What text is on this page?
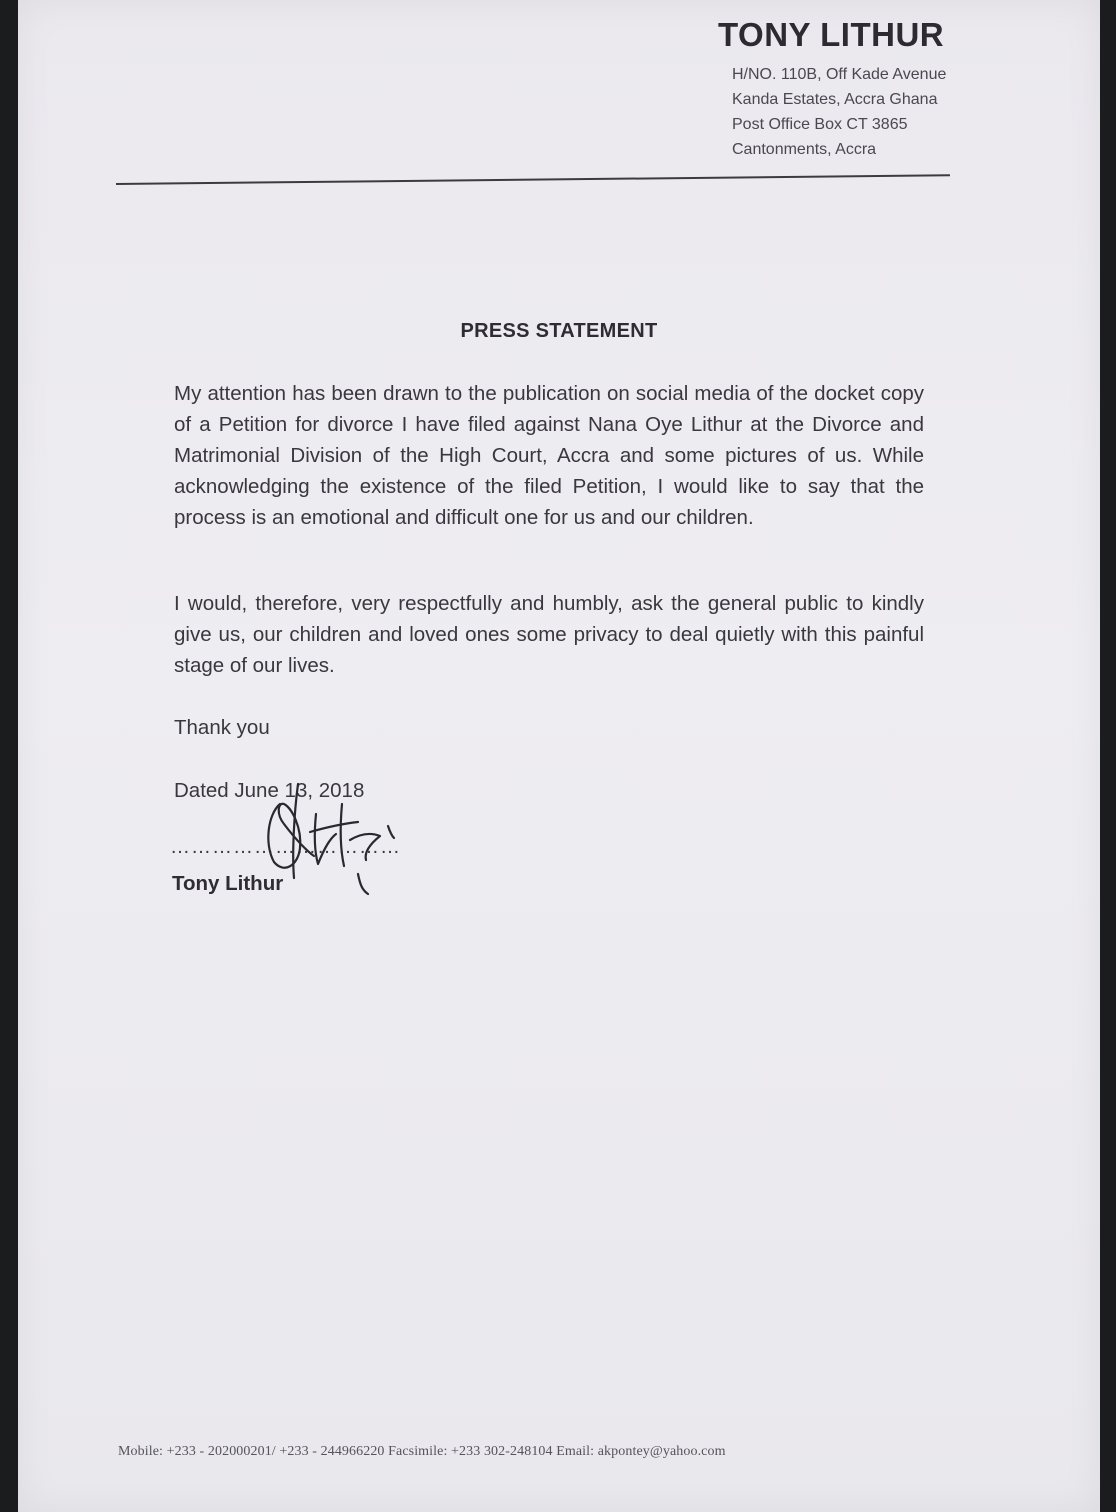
TONY LITHUR
H/NO. 110B, Off Kade Avenue
Kanda Estates, Accra Ghana
Post Office Box CT 3865
Cantonments, Accra
PRESS STATEMENT

My attention has been drawn to the publication on social media of the docket copy of a Petition for divorce I have filed against Nana Oye Lithur at the Divorce and Matrimonial Division of the High Court, Accra and some pictures of us. While acknowledging the existence of the filed Petition, I would like to say that the process is an emotional and difficult one for us and our children.

I would, therefore, very respectfully and humbly, ask the general public to kindly give us, our children and loved ones some privacy to deal quietly with this painful stage of our lives.

Thank you
Dated June 13, 2018
……………………………
Tony Lithur
Mobile: +233 - 202000201/ +233 - 244966220 Facsimile: +233 302-248104 Email: akpontey@yahoo.com
